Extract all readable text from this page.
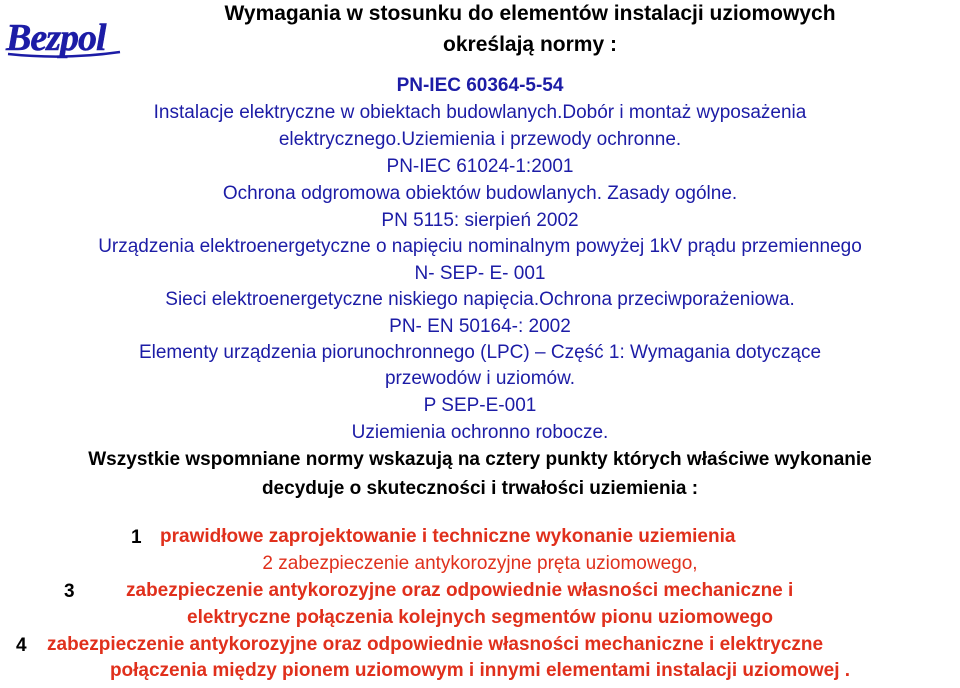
Bezpol
Wymagania w stosunku do elementów instalacji uziomowych
określają normy :
PN-IEC 60364-5-54
Instalacje elektryczne w obiektach budowlanych.Dobór i montaż wyposażenia
elektrycznego.Uziemienia i przewody ochronne.
PN-IEC 61024-1:2001
Ochrona odgromowa obiektów budowlanych. Zasady ogólne.
PN 5115: sierpień 2002
Urządzenia elektroenergetyczne o napięciu nominalnym powyżej 1kV prądu przemiennego
N- SEP- E- 001
Sieci elektroenergetyczne niskiego napięcia.Ochrona przeciwporażeniowa.
PN- EN 50164-: 2002
Elementy urządzenia piorunochronnego (LPC) – Część 1: Wymagania dotyczące
przewodów i uziomów.
P SEP-E-001
Uziemienia ochronno robocze.
Wszystkie wspomniane normy wskazują na cztery punkty których właściwe wykonanie
decyduje o skuteczności i trwałości uziemienia :
1 prawidłowe zaprojektowanie i techniczne wykonanie uziemienia
2 zabezpieczenie antykorozyjne pręta uziomowego,
3	zabezpieczenie antykorozyjne oraz odpowiednie własności mechaniczne i
elektryczne połączenia kolejnych segmentów pionu uziomowego
4 zabezpieczenie antykorozyjne oraz odpowiednie własności mechaniczne i elektryczne
połączenia między pionem uziomowym i innymi elementami instalacji uziomowej .
